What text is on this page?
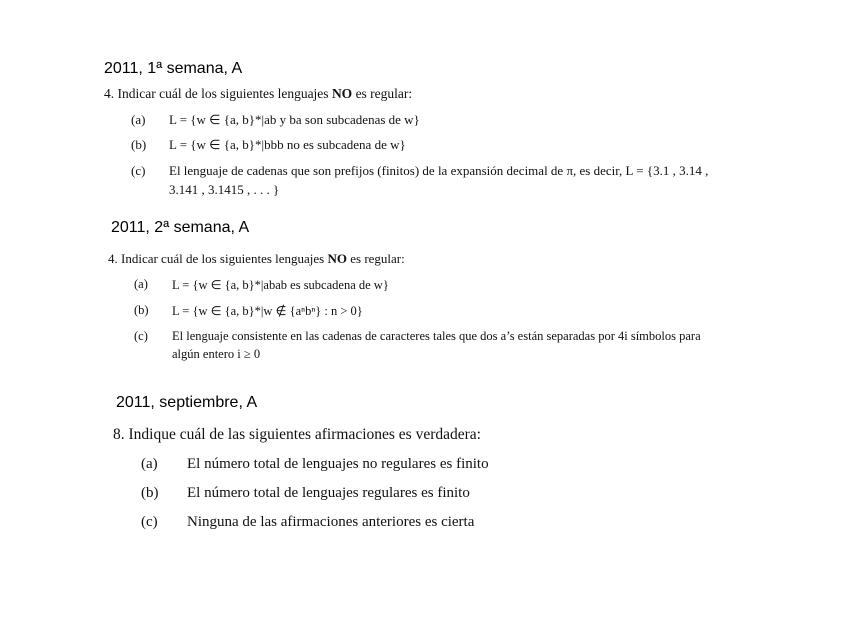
2011, 1ª semana, A
4. Indicar cuál de los siguientes lenguajes NO es regular:
(a) L = {w ∈ {a, b}*|ab y ba son subcadenas de w}
(b) L = {w ∈ {a, b}*|bbb no es subcadena de w}
(c) El lenguaje de cadenas que son prefijos (finitos) de la expansión decimal de π, es decir, L = {3.1 , 3.14 ,
3.141 , 3.1415 , . . . }
2011, 2ª semana, A
4. Indicar cuál de los siguientes lenguajes NO es regular:
(a) L = {w ∈ {a, b}*|abab es subcadena de w}
(b) L = {w ∈ {a, b}*|w ∉ {aⁿbⁿ} : n > 0}
(c) El lenguaje consistente en las cadenas de caracteres tales que dos a’s están separadas por 4i símbolos para
algún entero i ≥ 0
2011, septiembre, A
8. Indique cuál de las siguientes afirmaciones es verdadera:
(a) El número total de lenguajes no regulares es finito
(b) El número total de lenguajes regulares es finito
(c) Ninguna de las afirmaciones anteriores es cierta
